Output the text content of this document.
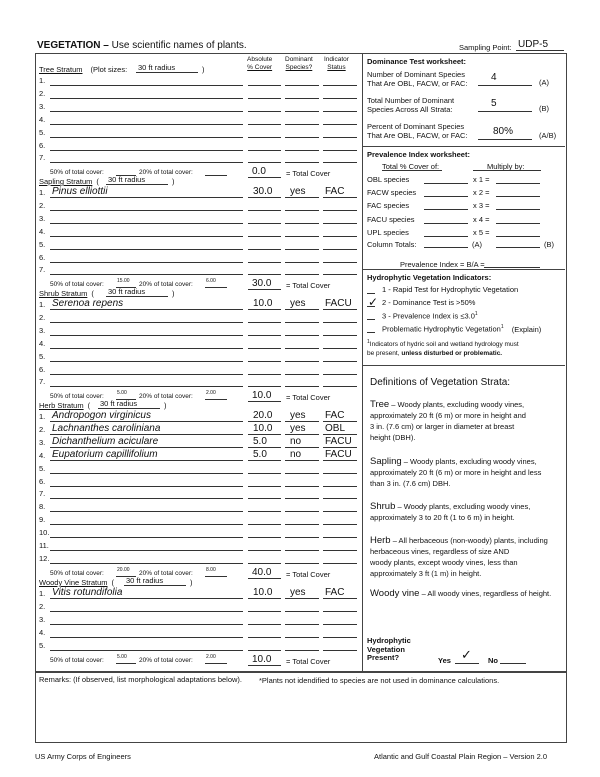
VEGETATION – Use scientific names of plants.	Sampling Point: UDP-5
Absolute
% Cover
Dominant
Species?
Indicator
Status
Tree Stratum (Plot sizes: 30 ft radius	)
1.
2.
3.
4.
5.
6.
7.
50% of total cover:	20% of total cover:	0.0	= Total Cover
Sapling Stratum ( 30 ft radius	)
1. Pinus elliottii	30.0 yes FAC
2.
3.
4.
5.
6.
7.
50% of total cover:	15.00 20% of total cover:	6.00	30.0 = Total Cover
Shrub Stratum ( 30 ft radius	)
1. Serenoa repens	10.0 yes FACU
2.
3.
4.
5.
6.
7.
50% of total cover:	5.00 20% of total cover:	2.00	10.0 = Total Cover
Herb Stratum ( 30 ft radius	)
1. Andropogon virginicus	20.0 yes FAC
2. Lachnanthes caroliniana	10.0 yes OBL
3. Dichanthelium aciculare	5.0 no FACU
4. Eupatorium capillifolium	5.0 no FACU
5.
6.
7.
8.
9.
10.
11.
12.
50% of total cover:	20.00 20% of total cover:	8.00	40.0 = Total Cover
Woody Vine Stratum ( 30 ft radius	)
1. Vitis rotundifolia	10.0 yes FAC
2.
3.
4.
5.
50% of total cover:	5.00 20% of total cover:	2.00	10.0 = Total Cover
Dominance Test worksheet:
Number of Dominant Species
That Are OBL, FACW, or FAC:
4	(A)
Total Number of Dominant
Species Across All Strata:
5	(B)
Percent of Dominant Species
That Are OBL, FACW, or FAC:	80%	(A/B)
Prevalence Index worksheet:
Total % Cover of:	Multiply by:
OBL species	x 1 =
FACW species	x 2 =
FAC species	x 3 =
FACU species	x 4 =
UPL species	x 5 =
Column Totals:	(A)	(B)
Prevalence Index = B/A =
Hydrophytic Vegetation Indicators:
1 - Rapid Test for Hydrophytic Vegetation
✓ 2 - Dominance Test is >50%
3 - Prevalence Index is $\le 3.0^1$
Problematic Hydrophytic Vegetation$^1$ (Explain)
$^1$Indicators of hydric soil and wetland hydrology must
be present, unless disturbed or problematic.
Definitions of Vegetation Strata:
Tree – Woody plants, excluding woody vines,
approximately 20 ft (6 m) or more in height and
3 in. (7.6 cm) or larger in diameter at breast
height (DBH).
Sapling – Woody plants, excluding woody vines,
approximately 20 ft (6 m) or more in height and less
than 3 in. (7.6 cm) DBH.
Shrub – Woody plants, excluding woody vines,
approximately 3 to 20 ft (1 to 6 m) in height.
Herb – All herbaceous (non-woody) plants, including
herbaceous vines, regardless of size AND
woody plants, except woody vines, less than
approximately 3 ft (1 m) in height.
Woody vine – All woody vines, regardless of height.
Hydrophytic
Vegetation
Present?	Yes ✓ No
Remarks: (If observed, list morphological adaptations below). *Plants not idendified to species are not used in dominance calculations.
US Army Corps of Engineers	Atlantic and Gulf Coastal Plain Region – Version 2.0
